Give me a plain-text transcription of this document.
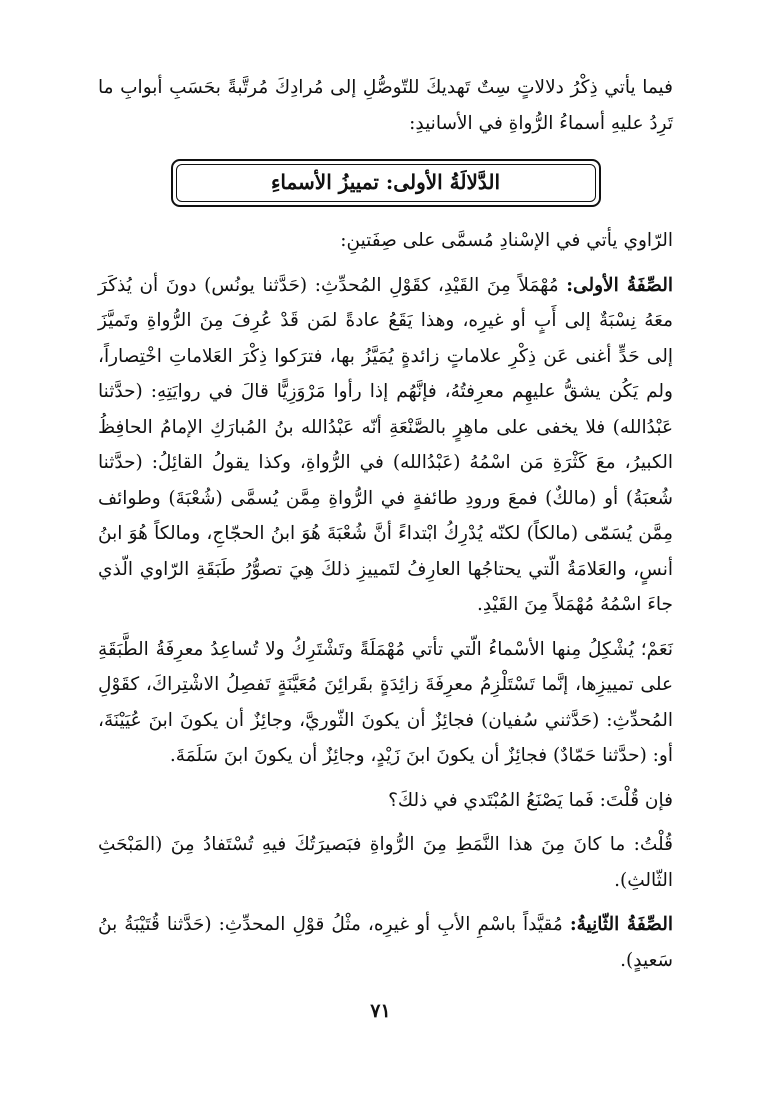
فيما يأتي ذِكْرُ دلالاتٍ سِتٌ تَهديكَ للتّوصُّلِ إلى مُرادِكَ مُرتَّبةً بحَسَبِ أبوابِ ما تَرِدُ عليهِ أسماءُ الرُّواةِ في الأسانيدِ:

الدَّلالَةُ الأولى: تمييزُ الأسماءِ

الرّاوي يأتي في الإسْنادِ مُسمَّى على صِفَتينِ:

الصِّفَةُ الأولى: مُهْمَلاً مِنَ القَيْدِ، كقَوْلِ المُحدِّثِ: (حَدَّثنا يونُس) دونَ أن يُذكَرَ معَهُ نِسْبَةٌ إلى أَبٍ أو غيرِه، وهذا يَقَعُ عادةً لمَن قَدْ عُرِفَ مِنَ الرُّواةِ وتَميَّزَ إلى حَدٍّ أغنى عَن ذِكْرِ علاماتٍ زائدةٍ يُمَيَّزُ بها، فترَكوا ذِكْرَ العَلاماتِ اخْتِصاراً، ولم يَكُن يشقُّ عليهِم معرِفتُهُ، فإنَّهُم إذا رأوا مَرْوَزِيًّا قالَ في روايَتِهِ: (حدَّثنا عَبْدُالله) فلا يخفى على ماهِرٍ بالصَّنْعَةِ أنّه عَبْدُالله بنُ المُبارَكِ الإمامُ الحافِظُ الكبيرُ، معَ كَثْرَةِ مَن اسْمُهُ (عَبْدُالله) في الرُّواةِ، وكذا يقولُ القائِلُ: (حدَّثنا شُعبَةُ) أو (مالكٌ) فمعَ ورودِ طائفةٍ في الرُّواةِ مِمَّن يُسمَّى (شُعْبَةَ) وطوائف مِمَّن يُسَمّى (مالكاً) لكنّه يُدْرِكُ ابْتداءً أنَّ شُعْبَةَ هُوَ ابنُ الحجّاجِ، ومالكاً هُوَ ابنُ أنسٍ، والعَلامَةُ الّتي يحتاجُها العارِفُ لتَمييزِ ذلكَ هِيَ تصوُّرُ طَبَقَةِ الرّاوي الّذي جاءَ اسْمُهُ مُهْمَلاً مِنَ القَيْدِ.

نَعَمْ؛ يُشْكِلُ مِنها الأسْماءُ الّتي تأتي مُهْمَلَةً وتَشْتَرِكُ ولا تُساعِدُ معرِفَةُ الطَّبَقَةِ على تمييزِها، إنَّما تَسْتَلْزِمُ معرِفَةَ زائِدَةٍ بقَرائِنَ مُعَيَّنَةٍ تَفصِلُ الاشْتِراكَ، كقَوْلِ المُحدِّثِ: (حَدَّثني سُفيان) فجائِزٌ أن يكونَ الثّوريَّ، وجائِزٌ أن يكونَ ابنَ عُيَيْنَةَ، أو: (حدَّثنا حَمّادٌ) فجائِزٌ أن يكونَ ابنَ زَيْدٍ، وجائِزٌ أن يكونَ ابنَ سَلَمَةَ.

فإن قُلْتَ: فَما يَصْنَعُ المُبْتَدي في ذلكَ؟

قُلْتُ: ما كانَ مِنَ هذا النَّمَطِ مِنَ الرُّواةِ فبَصيرَتُكَ فيهِ تُسْتَفادُ مِنَ (المَبْحَثِ الثّالثِ).

الصِّفَةُ الثّانِيةُ: مُقيَّداً باسْمِ الأبِ أو غيرِه، مثْلُ قوْلِ المحدِّثِ: (حَدَّثنا قُتَيْبَةُ بنُ سَعيدٍ).

٧١
